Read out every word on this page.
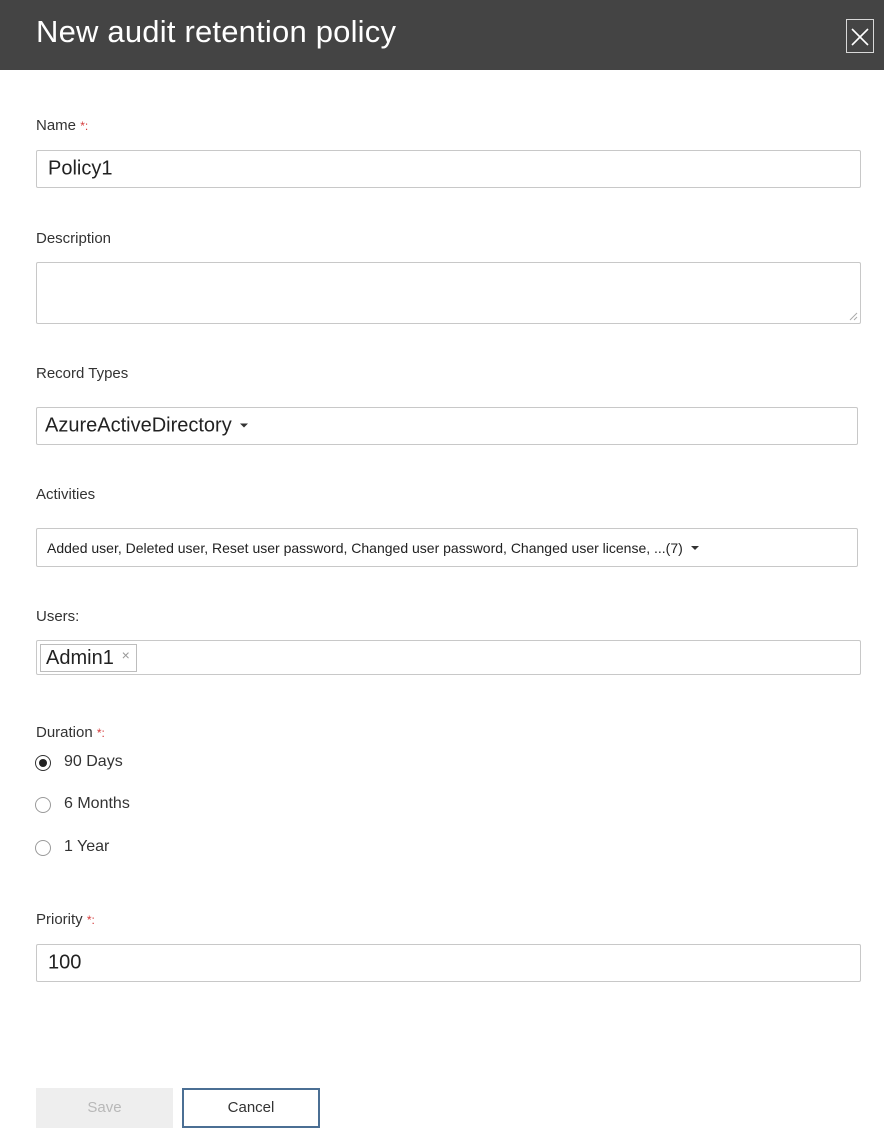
New audit retention policy
Name *:
Policy1
Description
Record Types
AzureActiveDirectory
Activities
Added user, Deleted user, Reset user password, Changed user password, Changed user license, ...(7)
Users:
Admin1 ×
Duration *:
90 Days
6 Months
1 Year
Priority *:
100
Save	Cancel
